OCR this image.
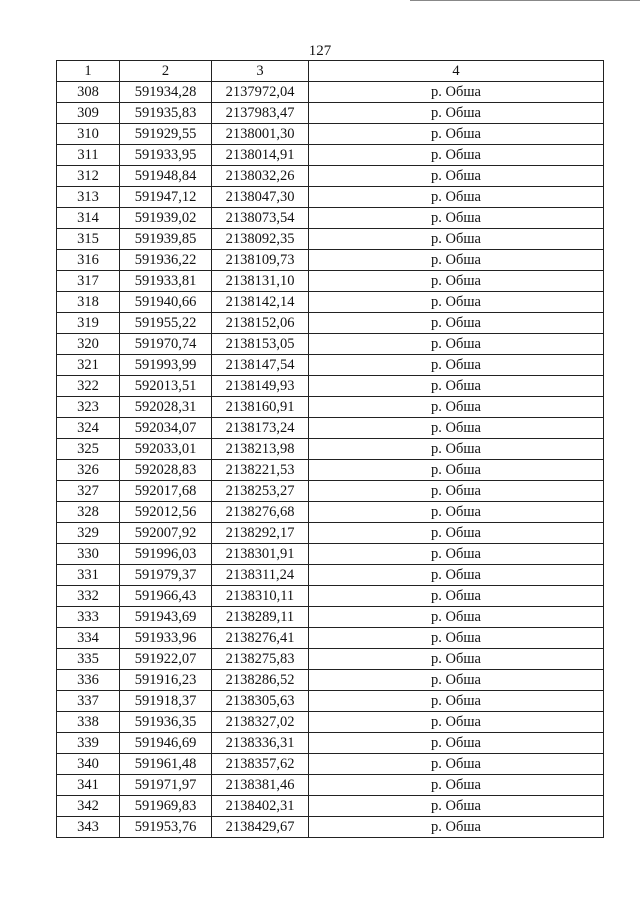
127
1	2	3	4
308	591934,28	2137972,04	р. Обша
309	591935,83	2137983,47	р. Обша
310	591929,55	2138001,30	р. Обша
311	591933,95	2138014,91	р. Обша
312	591948,84	2138032,26	р. Обша
313	591947,12	2138047,30	р. Обша
314	591939,02	2138073,54	р. Обша
315	591939,85	2138092,35	р. Обша
316	591936,22	2138109,73	р. Обша
317	591933,81	2138131,10	р. Обша
318	591940,66	2138142,14	р. Обша
319	591955,22	2138152,06	р. Обша
320	591970,74	2138153,05	р. Обша
321	591993,99	2138147,54	р. Обша
322	592013,51	2138149,93	р. Обша
323	592028,31	2138160,91	р. Обша
324	592034,07	2138173,24	р. Обша
325	592033,01	2138213,98	р. Обша
326	592028,83	2138221,53	р. Обша
327	592017,68	2138253,27	р. Обша
328	592012,56	2138276,68	р. Обша
329	592007,92	2138292,17	р. Обша
330	591996,03	2138301,91	р. Обша
331	591979,37	2138311,24	р. Обша
332	591966,43	2138310,11	р. Обша
333	591943,69	2138289,11	р. Обша
334	591933,96	2138276,41	р. Обша
335	591922,07	2138275,83	р. Обша
336	591916,23	2138286,52	р. Обша
337	591918,37	2138305,63	р. Обша
338	591936,35	2138327,02	р. Обша
339	591946,69	2138336,31	р. Обша
340	591961,48	2138357,62	р. Обша
341	591971,97	2138381,46	р. Обша
342	591969,83	2138402,31	р. Обша
343	591953,76	2138429,67	р. Обша
